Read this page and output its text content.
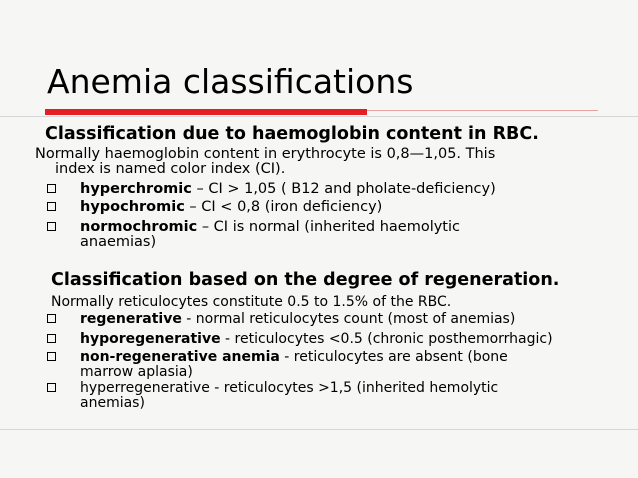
Anemia classifications
Classification due to haemoglobin content in RBC.
Normally haemoglobin content in erythrocyte is 0,8—1,05. This
index is named color index (CI).
hyperchromic – CI > 1,05 ( B12 and pholate-deficiency)
hypochromic – CI < 0,8 (iron deficiency)
normochromic – CI is normal (inherited haemolytic
anaemias)
Classification based on the degree of regeneration.
Normally reticulocytes constitute 0.5 to 1.5% of the RBC.
regenerative - normal reticulocytes count (most of anemias)
hyporegenerative - reticulocytes <0.5 (chronic posthemorrhagic)
non-regenerative anemia - reticulocytes are absent (bone
marrow aplasia)
hyperregenerative - reticulocytes >1,5 (inherited hemolytic
anemias)
